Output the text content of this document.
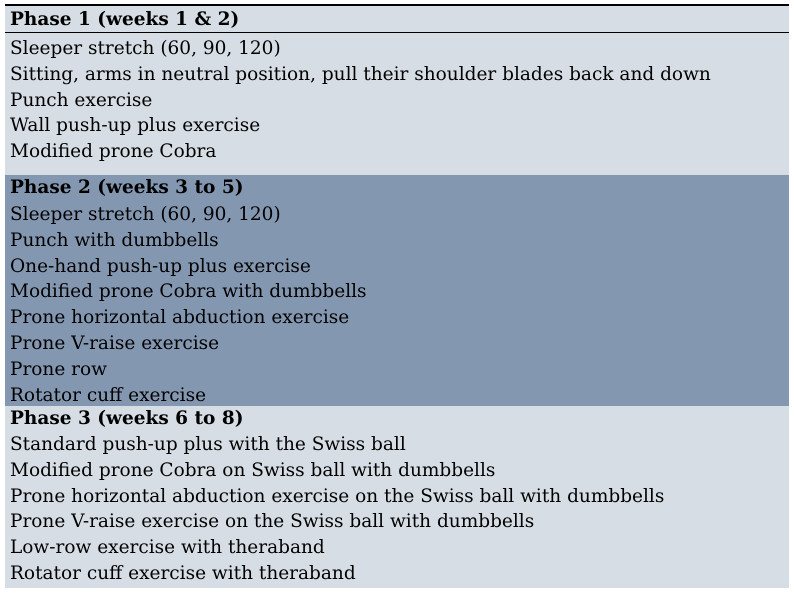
Phase 1 (weeks 1 & 2)
Sleeper stretch (60, 90, 120)
Sitting, arms in neutral position, pull their shoulder blades back and down
Punch exercise
Wall push-up plus exercise
Modified prone Cobra
Phase 2 (weeks 3 to 5)
Sleeper stretch (60, 90, 120)
Punch with dumbbells
One-hand push-up plus exercise
Modified prone Cobra with dumbbells
Prone horizontal abduction exercise
Prone V-raise exercise
Prone row
Rotator cuff exercise
Phase 3 (weeks 6 to 8)
Standard push-up plus with the Swiss ball
Modified prone Cobra on Swiss ball with dumbbells
Prone horizontal abduction exercise on the Swiss ball with dumbbells
Prone V-raise exercise on the Swiss ball with dumbbells
Low-row exercise with theraband
Rotator cuff exercise with theraband
